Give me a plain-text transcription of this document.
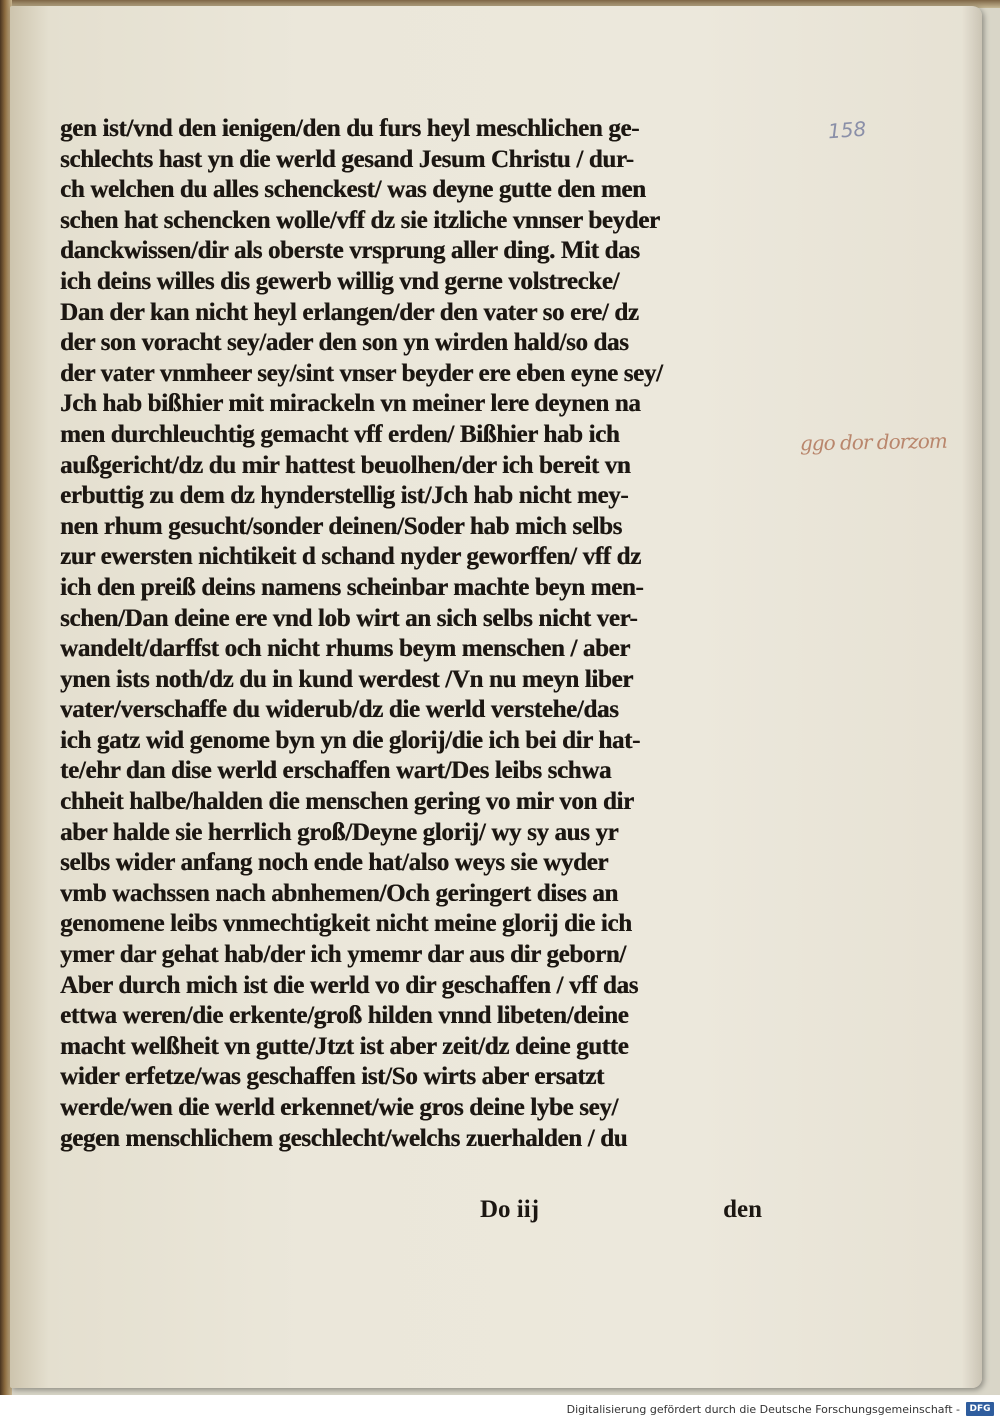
158
ggo dor dorzom
gen ist/vnd den ienigen/den du furs heyl meschlichen ge-
schlechts hast yn die werld gesand Jesum Christu / dur-
ch welchen du alles schenckest/ was deyne gutte den men
schen hat schencken wolle/vff dz sie itzliche vnnser beyder
danckwissen/dir als oberste vrsprung aller ding. Mit das
ich deins willes dis gewerb willig vnd gerne volstrecke/
Dan der kan nicht heyl erlangen/der den vater so ere/ dz
der son voracht sey/ader den son yn wirden hald/so das
der vater vnmheer sey/sint vnser beyder ere eben eyne sey/
Jch hab bißhier mit mirackeln vn meiner lere deynen na
men durchleuchtig gemacht vff erden/ Bißhier hab ich
außgericht/dz du mir hattest beuolhen/der ich bereit vn
erbuttig zu dem dz hynderstellig ist/Jch hab nicht mey-
nen rhum gesucht/sonder deinen/Soder hab mich selbs
zur ewersten nichtikeit d schand nyder geworffen/ vff dz
ich den preiß deins namens scheinbar machte beyn men-
schen/Dan deine ere vnd lob wirt an sich selbs nicht ver-
wandelt/darffst och nicht rhums beym menschen / aber
ynen ists noth/dz du in kund werdest /Vn nu meyn liber
vater/verschaffe du widerub/dz die werld verstehe/das
ich gatz wid genome byn yn die glorij/die ich bei dir hat-
te/ehr dan dise werld erschaffen wart/Des leibs schwa
chheit halbe/halden die menschen gering vo mir von dir
aber halde sie herrlich groß/Deyne glorij/ wy sy aus yr
selbs wider anfang noch ende hat/also weys sie wyder
vmb wachssen nach abnhemen/Och geringert dises an
genomene leibs vnmechtigkeit nicht meine glorij die ich
ymer dar gehat hab/der ich ymemr dar aus dir geborn/
Aber durch mich ist die werld vo dir geschaffen / vff das
ettwa weren/die erkente/groß hilden vnnd libeten/deine
macht welßheit vn gutte/Jtzt ist aber zeit/dz deine gutte
wider erfetze/was geschaffen ist/So wirts aber ersatzt
werde/wen die werld erkennet/wie gros deine lybe sey/
gegen menschlichem geschlecht/welchs zuerhalden / du
Do iij	den
Digitalisierung gefördert durch die Deutsche Forschungsgemeinschaft -	DFG
